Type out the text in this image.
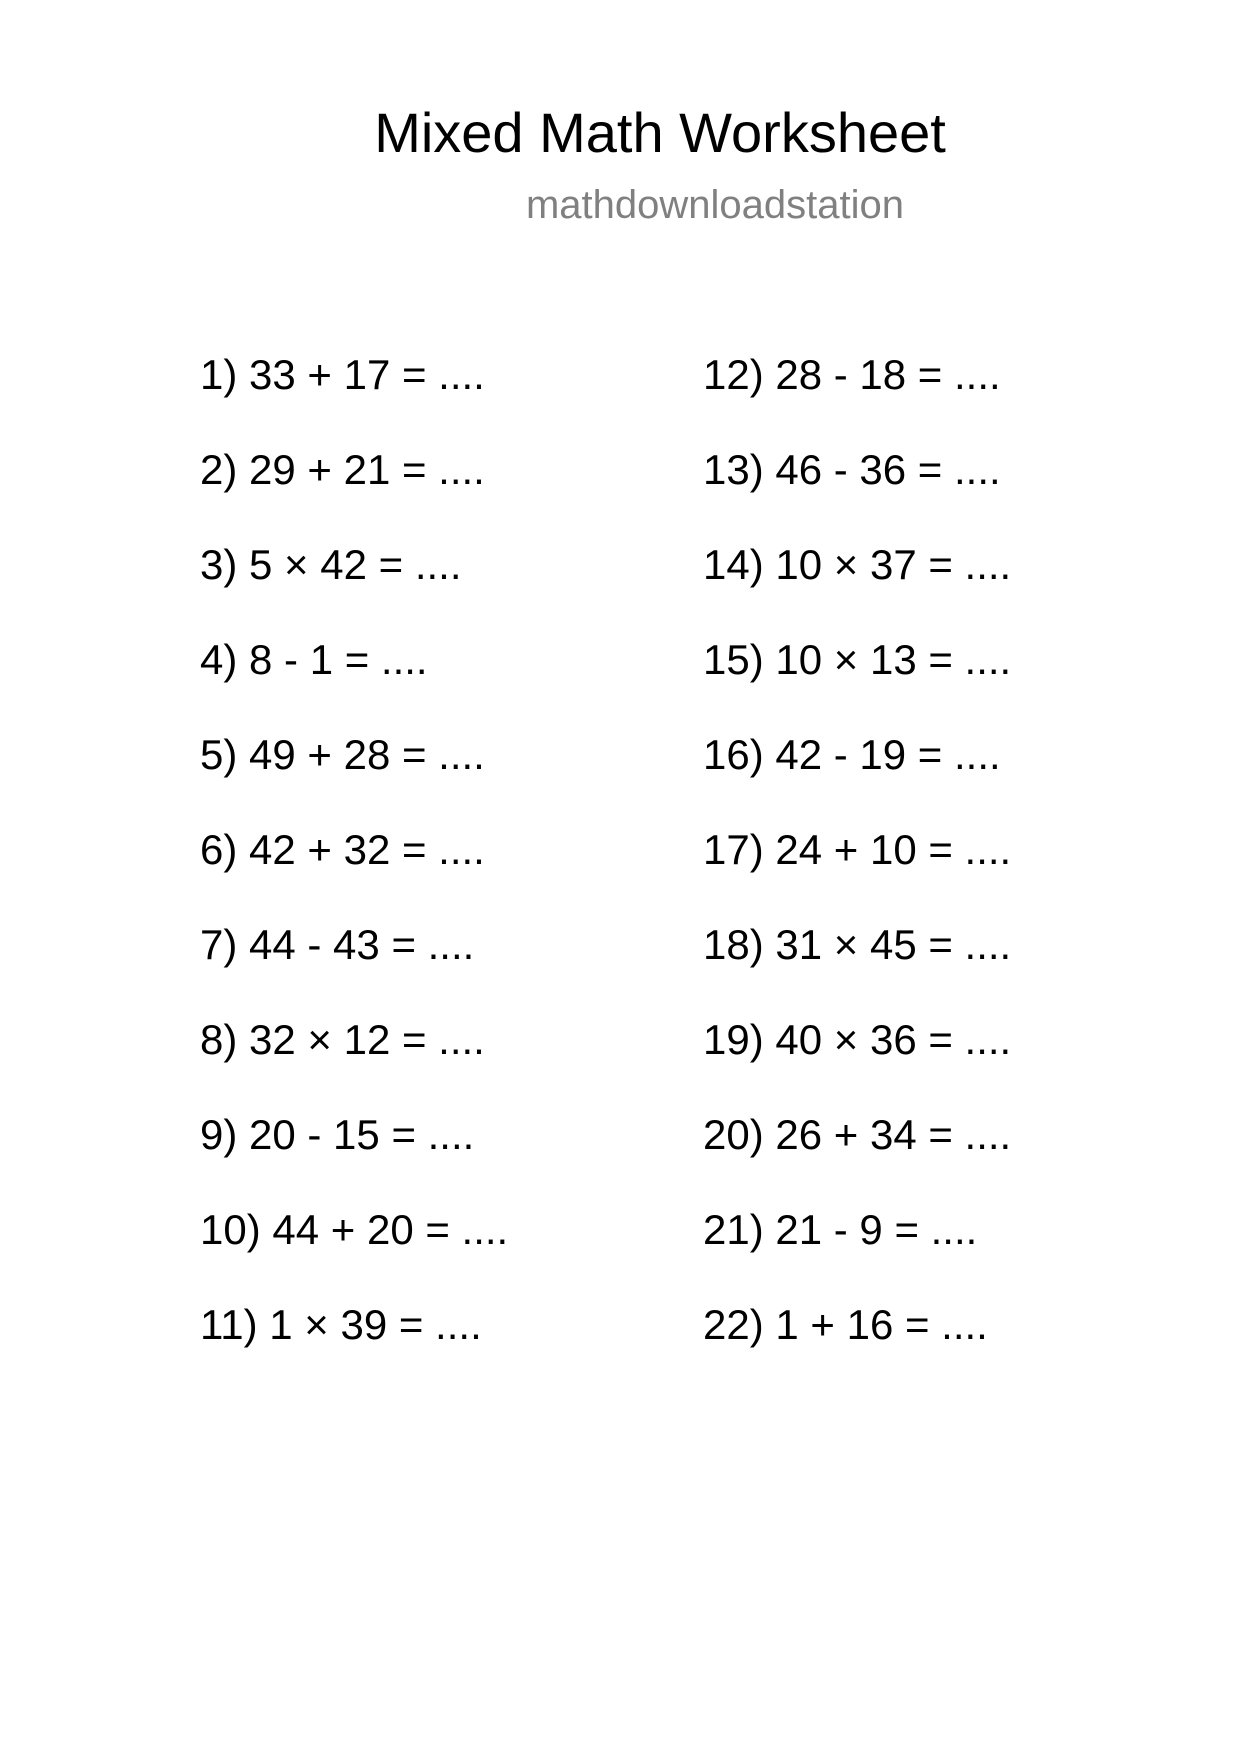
Mixed Math Worksheet
mathdownloadstation
1) 33 + 17 = ....
2) 29 + 21 = ....
3) 5 × 42 = ....
4) 8 - 1 = ....
5) 49 + 28 = ....
6) 42 + 32 = ....
7) 44 - 43 = ....
8) 32 × 12 = ....
9) 20 - 15 = ....
10) 44 + 20 = ....
11) 1 × 39 = ....
12) 28 - 18 = ....
13) 46 - 36 = ....
14) 10 × 37 = ....
15) 10 × 13 = ....
16) 42 - 19 = ....
17) 24 + 10 = ....
18) 31 × 45 = ....
19) 40 × 36 = ....
20) 26 + 34 = ....
21) 21 - 9 = ....
22) 1 + 16 = ....
